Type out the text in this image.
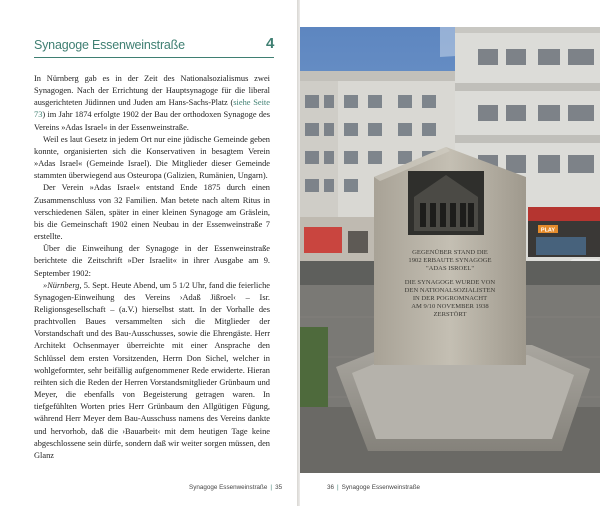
Synagoge Essenweinstraße	4

In Nürnberg gab es in der Zeit des Nationalsozialismus zwei Synagogen. Nach der Errichtung der Hauptsynagoge für die liberal ausgerichteten Jüdinnen und Juden am Hans-Sachs-Platz (siehe Seite 73) im Jahr 1874 erfolgte 1902 der Bau der orthodoxen Synagoge des Vereins »Adas Israel« in der Essenweinstraße.

Weil es laut Gesetz in jedem Ort nur eine jüdische Gemeinde geben konnte, organisierten sich die Konservativen in besagtem Verein »Adas Israel« (Gemeinde Israel). Die Mitglieder dieser Gemeinde stammten überwiegend aus Osteuropa (Galizien, Rumänien, Ungarn).

Der Verein »Adas Israel« entstand Ende 1875 durch einen Zusammenschluss von 32 Familien. Man betete nach altem Ritus in verschiedenen Sälen, später in einer kleinen Synagoge am Gräslein, bis die Gemeinschaft 1902 einen Neubau in der Essenweinstraße 7 erstellte.

Über die Einweihung der Synagoge in der Essenweinstraße berichtete die Zeitschrift »Der Israelit« in ihrer Ausgabe am 9. September 1902:

»Nürnberg, 5. Sept. Heute Abend, um 5 1/2 Uhr, fand die feierliche Synagogen-Einweihung des Vereins ›Adaß Jißroel‹ – Isr. Religionsgesellschaft – (a.V.) hierselbst statt. In der Vorhalle des prachtvollen Baues versammelten sich die Mitglieder der Vorstandschaft und des Bau-Ausschusses, sowie die Ehrengäste. Herr Architekt Ochsenmayer überreichte mit einer Ansprache den Schlüssel dem ersten Vorsitzenden, Herrn Don Sichel, welcher in wohlgeformter, sehr beifällig aufgenommener Rede erwiderte. Hieran reihten sich die Reden der Herren Vorstandsmitglieder Grünbaum und Meyer, die ebenfalls von Begeisterung getragen waren. In tiefgefühlten Worten pries Herr Grünbaum den Allgütigen Fügung, während Herr Meyer dem Bau-Ausschuss namens des Vereins dankte und hervorhob, daß die ›Bauarbeit‹ mit dem heutigen Tage keine abgeschlossene sein dürfe, sondern daß wir weiter sorgen müssen, den Glanz

Synagoge Essenweinstraße | 35
PLAY
GEGENÜBER STAND DIE
1902 ERBAUTE SYNAGOGE
"ADAS ISROEL"
DIE SYNAGOGE WURDE VON
DEN NATIONALSOZIALISTEN
IN DER POGROMNACHT
AM 9/10 NOVEMBER 1938
ZERSTÖRT
36 | Synagoge Essenweinstraße
